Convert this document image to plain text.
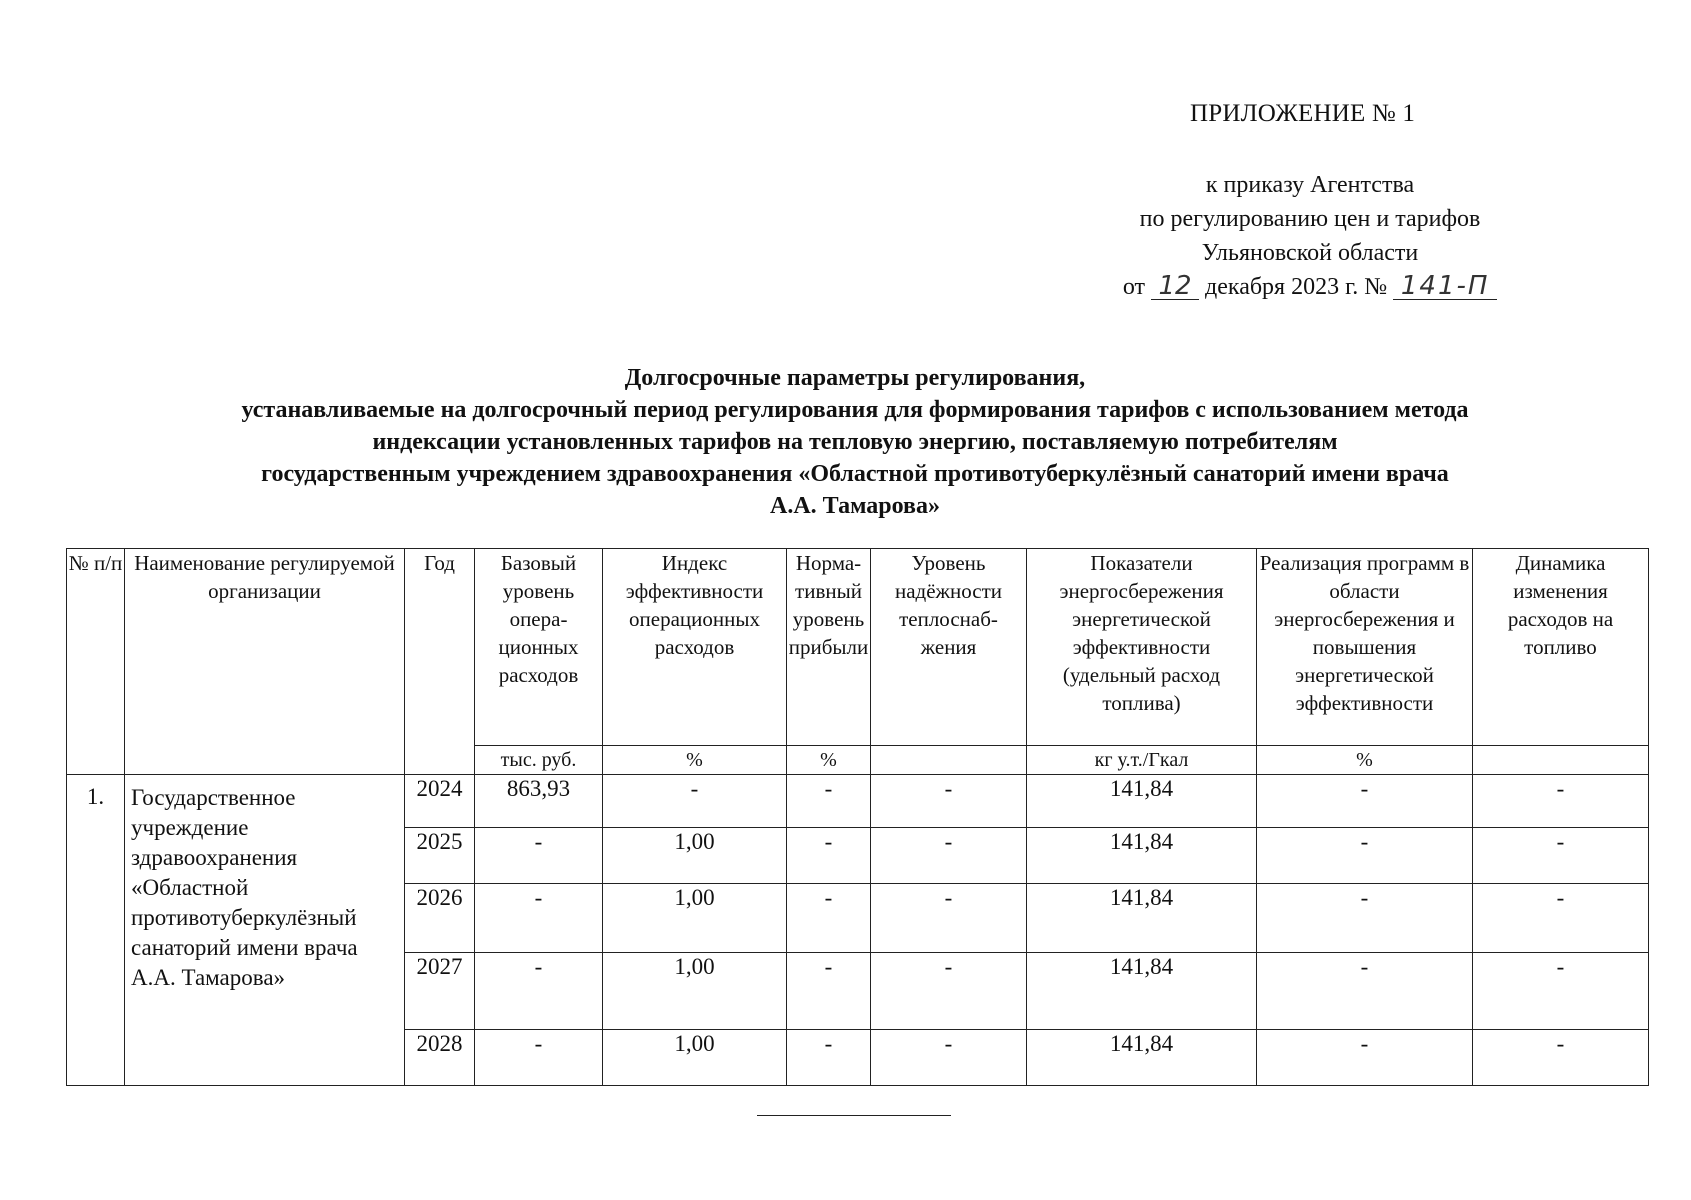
ПРИЛОЖЕНИЕ № 1
к приказу Агентства
по регулированию цен и тарифов
Ульяновской области
от 12 декабря 2023 г. № 141-П
Долгосрочные параметры регулирования,
устанавливаемые на долгосрочный период регулирования для формирования тарифов с использованием метода
индексации установленных тарифов на тепловую энергию, поставляемую потребителям
государственным учреждением здравоохранения «Областной противотуберкулёзный санаторий имени врача
А.А. Тамарова»
№ п/п	Наименование регулируемой организации	Год	Базовый уровень опера- ционных расходов	Индекс эффективности операционных расходов	Норма- тивный уровень прибыли	Уровень надёжности теплоснаб- жения	Показатели энергосбережения энергетической эффективности (удельный расход топлива)	Реализация программ в области энергосбережения и повышения энергетической эффективности	Динамика изменения расходов на топливо
			тыс. руб.	%	%		кг у.т./Гкал	%	
1.	Государственное учреждение здравоохранения «Областной противотуберкулёзный санаторий имени врача А.А. Тамарова»	2024	863,93	-	-	-	141,84	-	-
		2025	-	1,00	-	-	141,84	-	-
		2026	-	1,00	-	-	141,84	-	-
		2027	-	1,00	-	-	141,84	-	-
		2028	-	1,00	-	-	141,84	-	-
